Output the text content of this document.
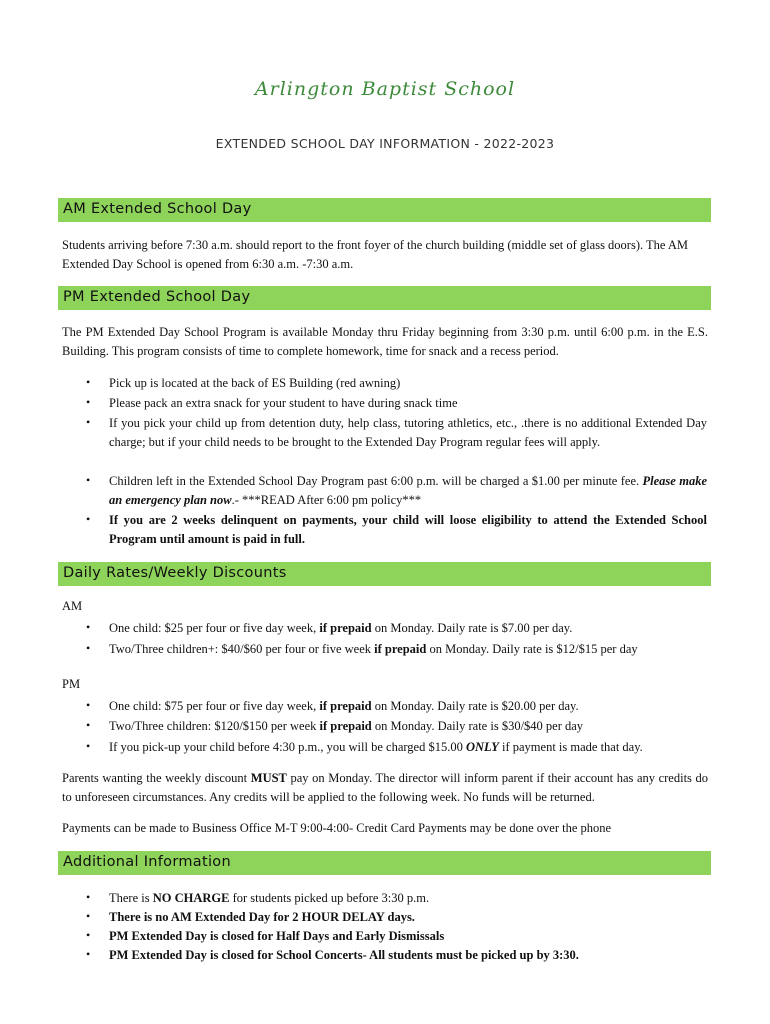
Arlington Baptist School
EXTENDED SCHOOL DAY INFORMATION - 2022-2023
AM Extended School Day
Students arriving before 7:30 a.m. should report to the front foyer of the church building (middle set of glass doors). The AM Extended Day School is opened from 6:30 a.m. -7:30 a.m.
PM Extended School Day
The PM Extended Day School Program is available Monday thru Friday beginning from 3:30 p.m. until 6:00 p.m. in the E.S. Building. This program consists of time to complete homework, time for snack and a recess period.
• Pick up is located at the back of ES Building (red awning)
• Please pack an extra snack for your student to have during snack time
• If you pick your child up from detention duty, help class, tutoring athletics, etc., .there is no additional Extended Day charge; but if your child needs to be brought to the Extended Day Program regular fees will apply.
• Children left in the Extended School Day Program past 6:00 p.m. will be charged a $1.00 per minute fee. Please make an emergency plan now.- ***READ After 6:00 pm policy***
• If you are 2 weeks delinquent on payments, your child will loose eligibility to attend the Extended School Program until amount is paid in full.
Daily Rates/Weekly Discounts
AM
• One child: $25 per four or five day week, if prepaid on Monday. Daily rate is $7.00 per day.
• Two/Three children+: $40/$60 per four or five week if prepaid on Monday. Daily rate is $12/$15 per day
PM
• One child: $75 per four or five day week, if prepaid on Monday. Daily rate is $20.00 per day.
• Two/Three children: $120/$150 per week if prepaid on Monday. Daily rate is $30/$40 per day
• If you pick-up your child before 4:30 p.m., you will be charged $15.00 ONLY if payment is made that day.
Parents wanting the weekly discount MUST pay on Monday. The director will inform parent if their account has any credits do to unforeseen circumstances. Any credits will be applied to the following week. No funds will be returned.
Payments can be made to Business Office M-T 9:00-4:00- Credit Card Payments may be done over the phone
Additional Information
• There is NO CHARGE for students picked up before 3:30 p.m.
• There is no AM Extended Day for 2 HOUR DELAY days.
• PM Extended Day is closed for Half Days and Early Dismissals
• PM Extended Day is closed for School Concerts- All students must be picked up by 3:30.
